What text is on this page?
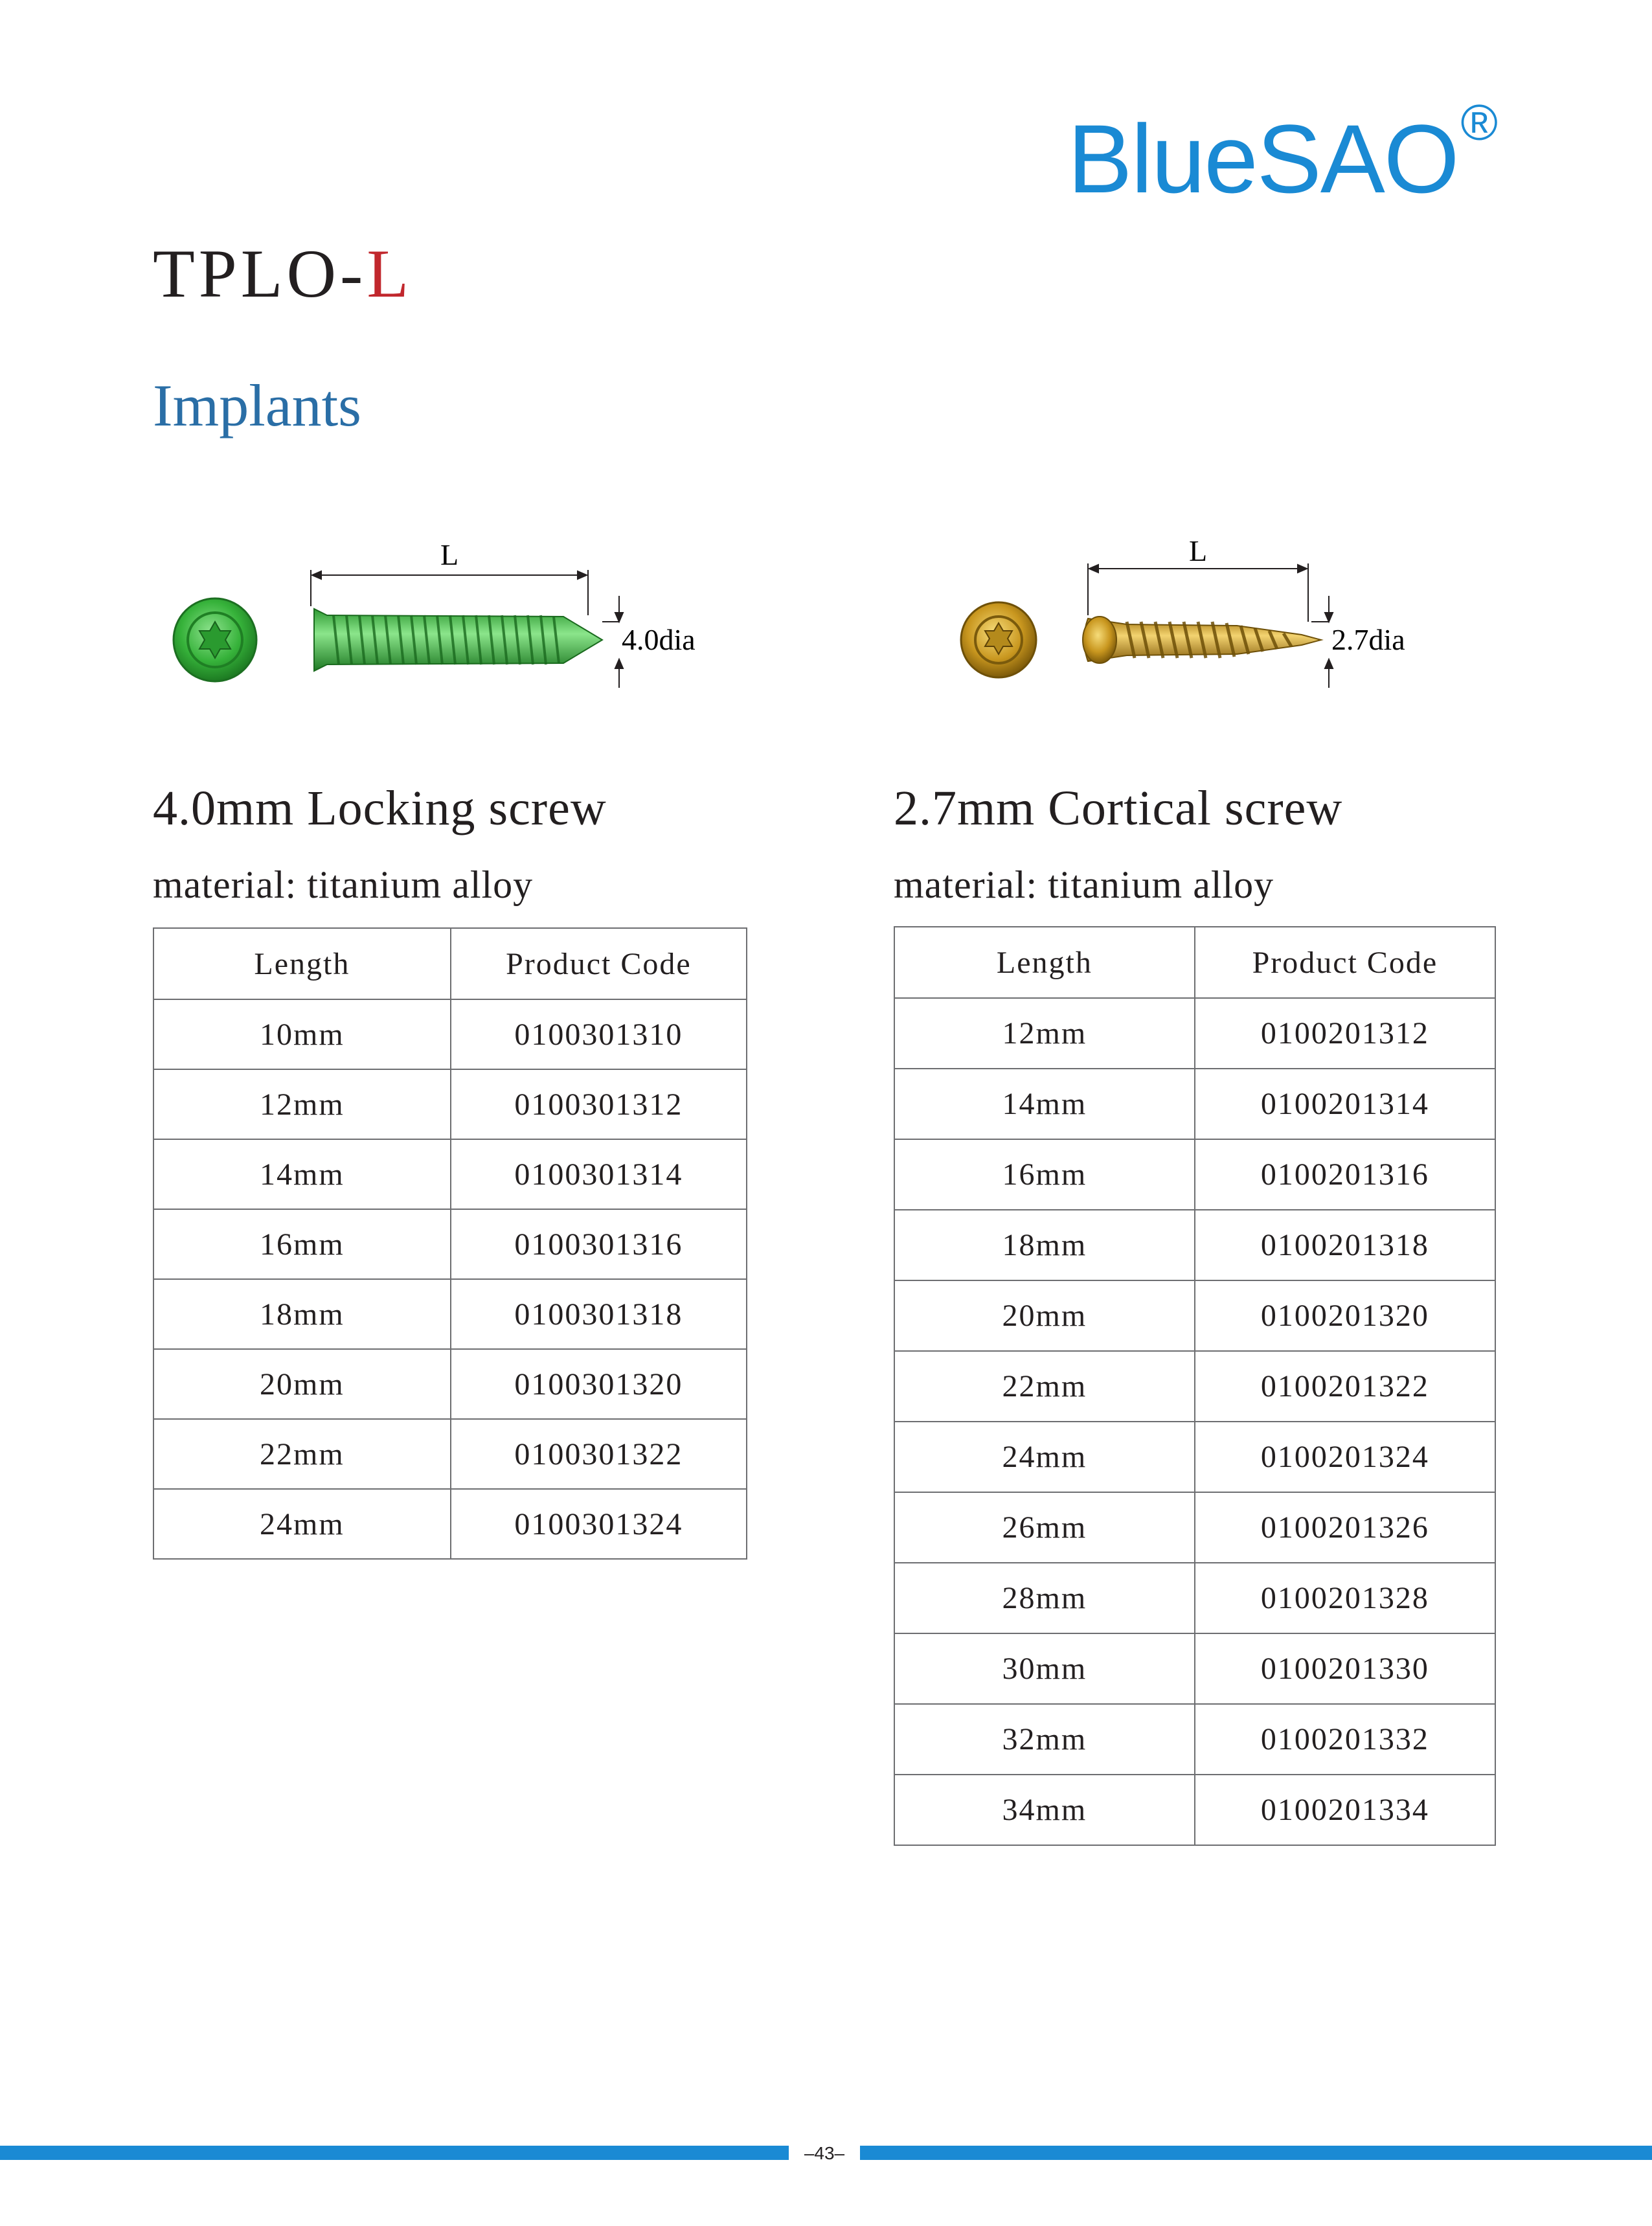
BlueSAO®
TPLO-L
Implants
L
4.0dia
L
2.7dia
4.0mm Locking screw
material: titanium alloy
2.7mm Cortical screw
material: titanium alloy
Length	Product Code
10mm	0100301310
12mm	0100301312
14mm	0100301314
16mm	0100301316
18mm	0100301318
20mm	0100301320
22mm	0100301322
24mm	0100301324
Length	Product Code
12mm	0100201312
14mm	0100201314
16mm	0100201316
18mm	0100201318
20mm	0100201320
22mm	0100201322
24mm	0100201324
26mm	0100201326
28mm	0100201328
30mm	0100201330
32mm	0100201332
34mm	0100201334
–43–
